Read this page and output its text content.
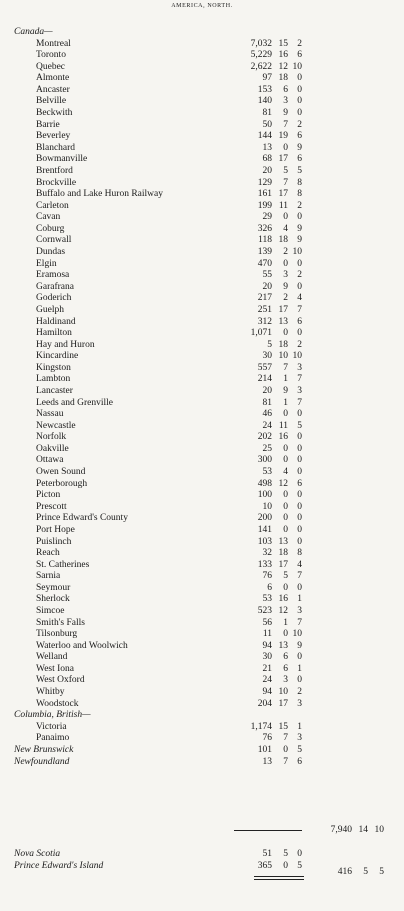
AMERICA, NORTH.
Canada—
Montreal	7,032 15 2
Toronto	5,229 16 6
Quebec	2,622 12 10
Almonte	97 18 0
Ancaster	153	6 0
Belville	140	3 0
Beckwith	81	9 0
Barrie	50	7 2
Beverley	144 19 6
Blanchard	13	0 9
Bowmanville	68 17 6
Brentford	20	5 5
Brockville	129	7 8
Buffalo and Lake Huron Railway	161 17 8
Carleton	199 11 2
Cavan	29	0 0
Coburg	326	4 9
Cornwall	118 18 9
Dundas	139	2 10
Elgin	470	0 0
Eramosa	55	3 2
Garafrana	20	9 0
Goderich	217	2 4
Guelph	251 17 7
Haldinand	312 13 6
Hamilton	1,071	0 0
Hay and Huron	5 18 2
Kincardine	30 10 10
Kingston	557	7 3
Lambton	214	1 7
Lancaster	20	9 3
Leeds and Grenville	81	1 7
Nassau	46	0 0
Newcastle	24 11 5
Norfolk	202 16 0
Oakville	25	0 0
Ottawa	300	0 0
Owen Sound	53	4 0
Peterborough	498 12 6
Picton	100	0 0
Prescott	10	0 0
Prince Edward's County	200	0 0
Port Hope	141	0 0
Puislinch	103 13 0
Reach	32 18 8
St. Catherines	133 17 4
Sarnia	76	5 7
Seymour	6	0 0
Sherlock	53 16 1
Simcoe	523 12 3
Smith's Falls	56	1 7
Tilsonburg	11	0 10
Waterloo and Woolwich	94 13 9
Welland	30	6 0
West Iona	21	6 1
West Oxford	24	3 0
Whitby	94 10 2
Woodstock	204 17 3
Columbia, British—
Victoria	1,174 15 1
Panaimo	76	7 3
New Brunswick	101	0 5
Newfoundland	13	7 6
Nova Scotia	51	5 0
Prince Edward's Island	365	0 5
7,940 14 10
416	5	5
